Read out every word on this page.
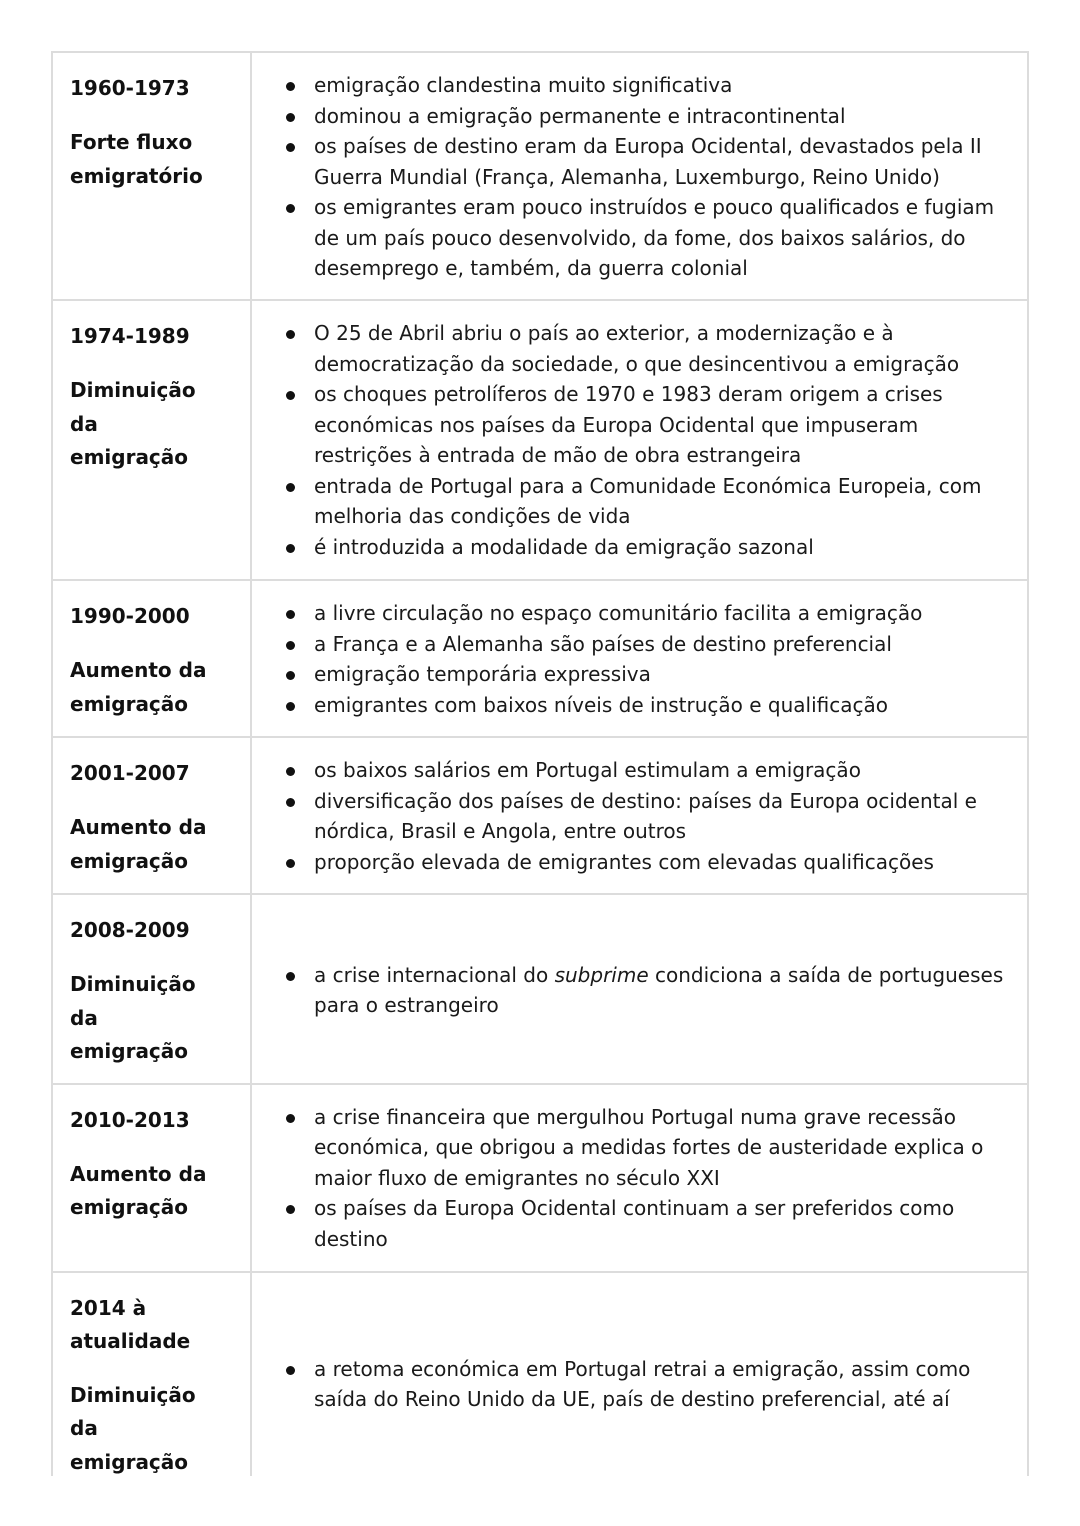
1960-1973
Forte fluxo emigratório

emigração clandestina muito significativa
dominou a emigração permanente e intracontinental
os países de destino eram da Europa Ocidental, devastados pela II Guerra Mundial (França, Alemanha, Luxemburgo, Reino Unido)
os emigrantes eram pouco instruídos e pouco qualificados e fugiam de um país pouco desenvolvido, da fome, dos baixos salários, do desemprego e, também, da guerra colonial

1974-1989
Diminuição da emigração

O 25 de Abril abriu o país ao exterior, a modernização e à democratização da sociedade, o que desincentivou a emigração
os choques petrolíferos de 1970 e 1983 deram origem a crises económicas nos países da Europa Ocidental que impuseram restrições à entrada de mão de obra estrangeira
entrada de Portugal para a Comunidade Económica Europeia, com melhoria das condições de vida
é introduzida a modalidade da emigração sazonal

1990-2000
Aumento da emigração

a livre circulação no espaço comunitário facilita a emigração
a França e a Alemanha são países de destino preferencial
emigração temporária expressiva
emigrantes com baixos níveis de instrução e qualificação

2001-2007
Aumento da emigração

os baixos salários em Portugal estimulam a emigração
diversificação dos países de destino: países da Europa ocidental e nórdica, Brasil e Angola, entre outros
proporção elevada de emigrantes com elevadas qualificações

2008-2009
Diminuição da emigração

a crise internacional do subprime condiciona a saída de portugueses para o estrangeiro

2010-2013
Aumento da emigração

a crise financeira que mergulhou Portugal numa grave recessão económica, que obrigou a medidas fortes de austeridade explica o maior fluxo de emigrantes no século XXI
os países da Europa Ocidental continuam a ser preferidos como destino

2014 à atualidade
Diminuição da emigração

a retoma económica em Portugal retrai a emigração, assim como saída do Reino Unido da UE, país de destino preferencial, até aí
